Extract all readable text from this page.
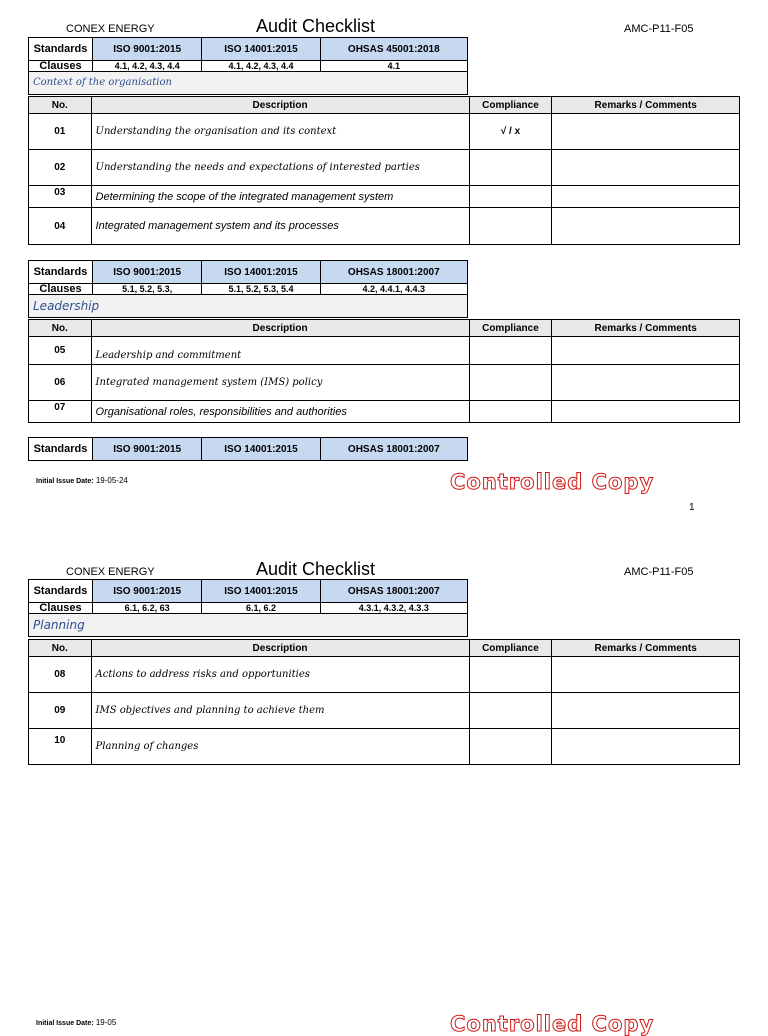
CONEX ENERGY	Audit Checklist	AMC-P11-F05
Standards	ISO 9001:2015	ISO 14001:2015	OHSAS 45001:2018
Clauses	4.1, 4.2, 4.3, 4.4	4.1, 4.2, 4.3, 4.4	4.1
Context of the organisation			
No.	Description	Compliance	Remarks / Comments
01	Understanding the organisation and its context	√ / x	
02	Understanding the needs and expectations of interested parties		
03	Determining the scope of the integrated management system		
04	Integrated management system and its processes		
Standards	ISO 9001:2015	ISO 14001:2015	OHSAS 18001:2007
Clauses	5.1, 5.2, 5.3,	5.1, 5.2, 5.3, 5.4	4.2, 4.4.1, 4.4.3
Leadership			
No.	Description	Compliance	Remarks / Comments
05	Leadership and commitment		
06	Integrated management system (IMS) policy		
07	Organisational roles, responsibilities and authorities		
Standards	ISO 9001:2015	ISO 14001:2015	OHSAS 18001:2007
Initial Issue Date: 19-05-24	Controlled Copy
1
CONEX ENERGY	Audit Checklist	AMC-P11-F05
Standards	ISO 9001:2015	ISO 14001:2015	OHSAS 18001:2007
Clauses	6.1, 6.2, 63	6.1, 6.2	4.3.1, 4.3.2, 4.3.3
Planning			
No.	Description	Compliance	Remarks / Comments
08	Actions to address risks and opportunities		
09	IMS objectives and planning to achieve them		
10	Planning of changes		
Initial Issue Date: 19-05	Controlled Copy
